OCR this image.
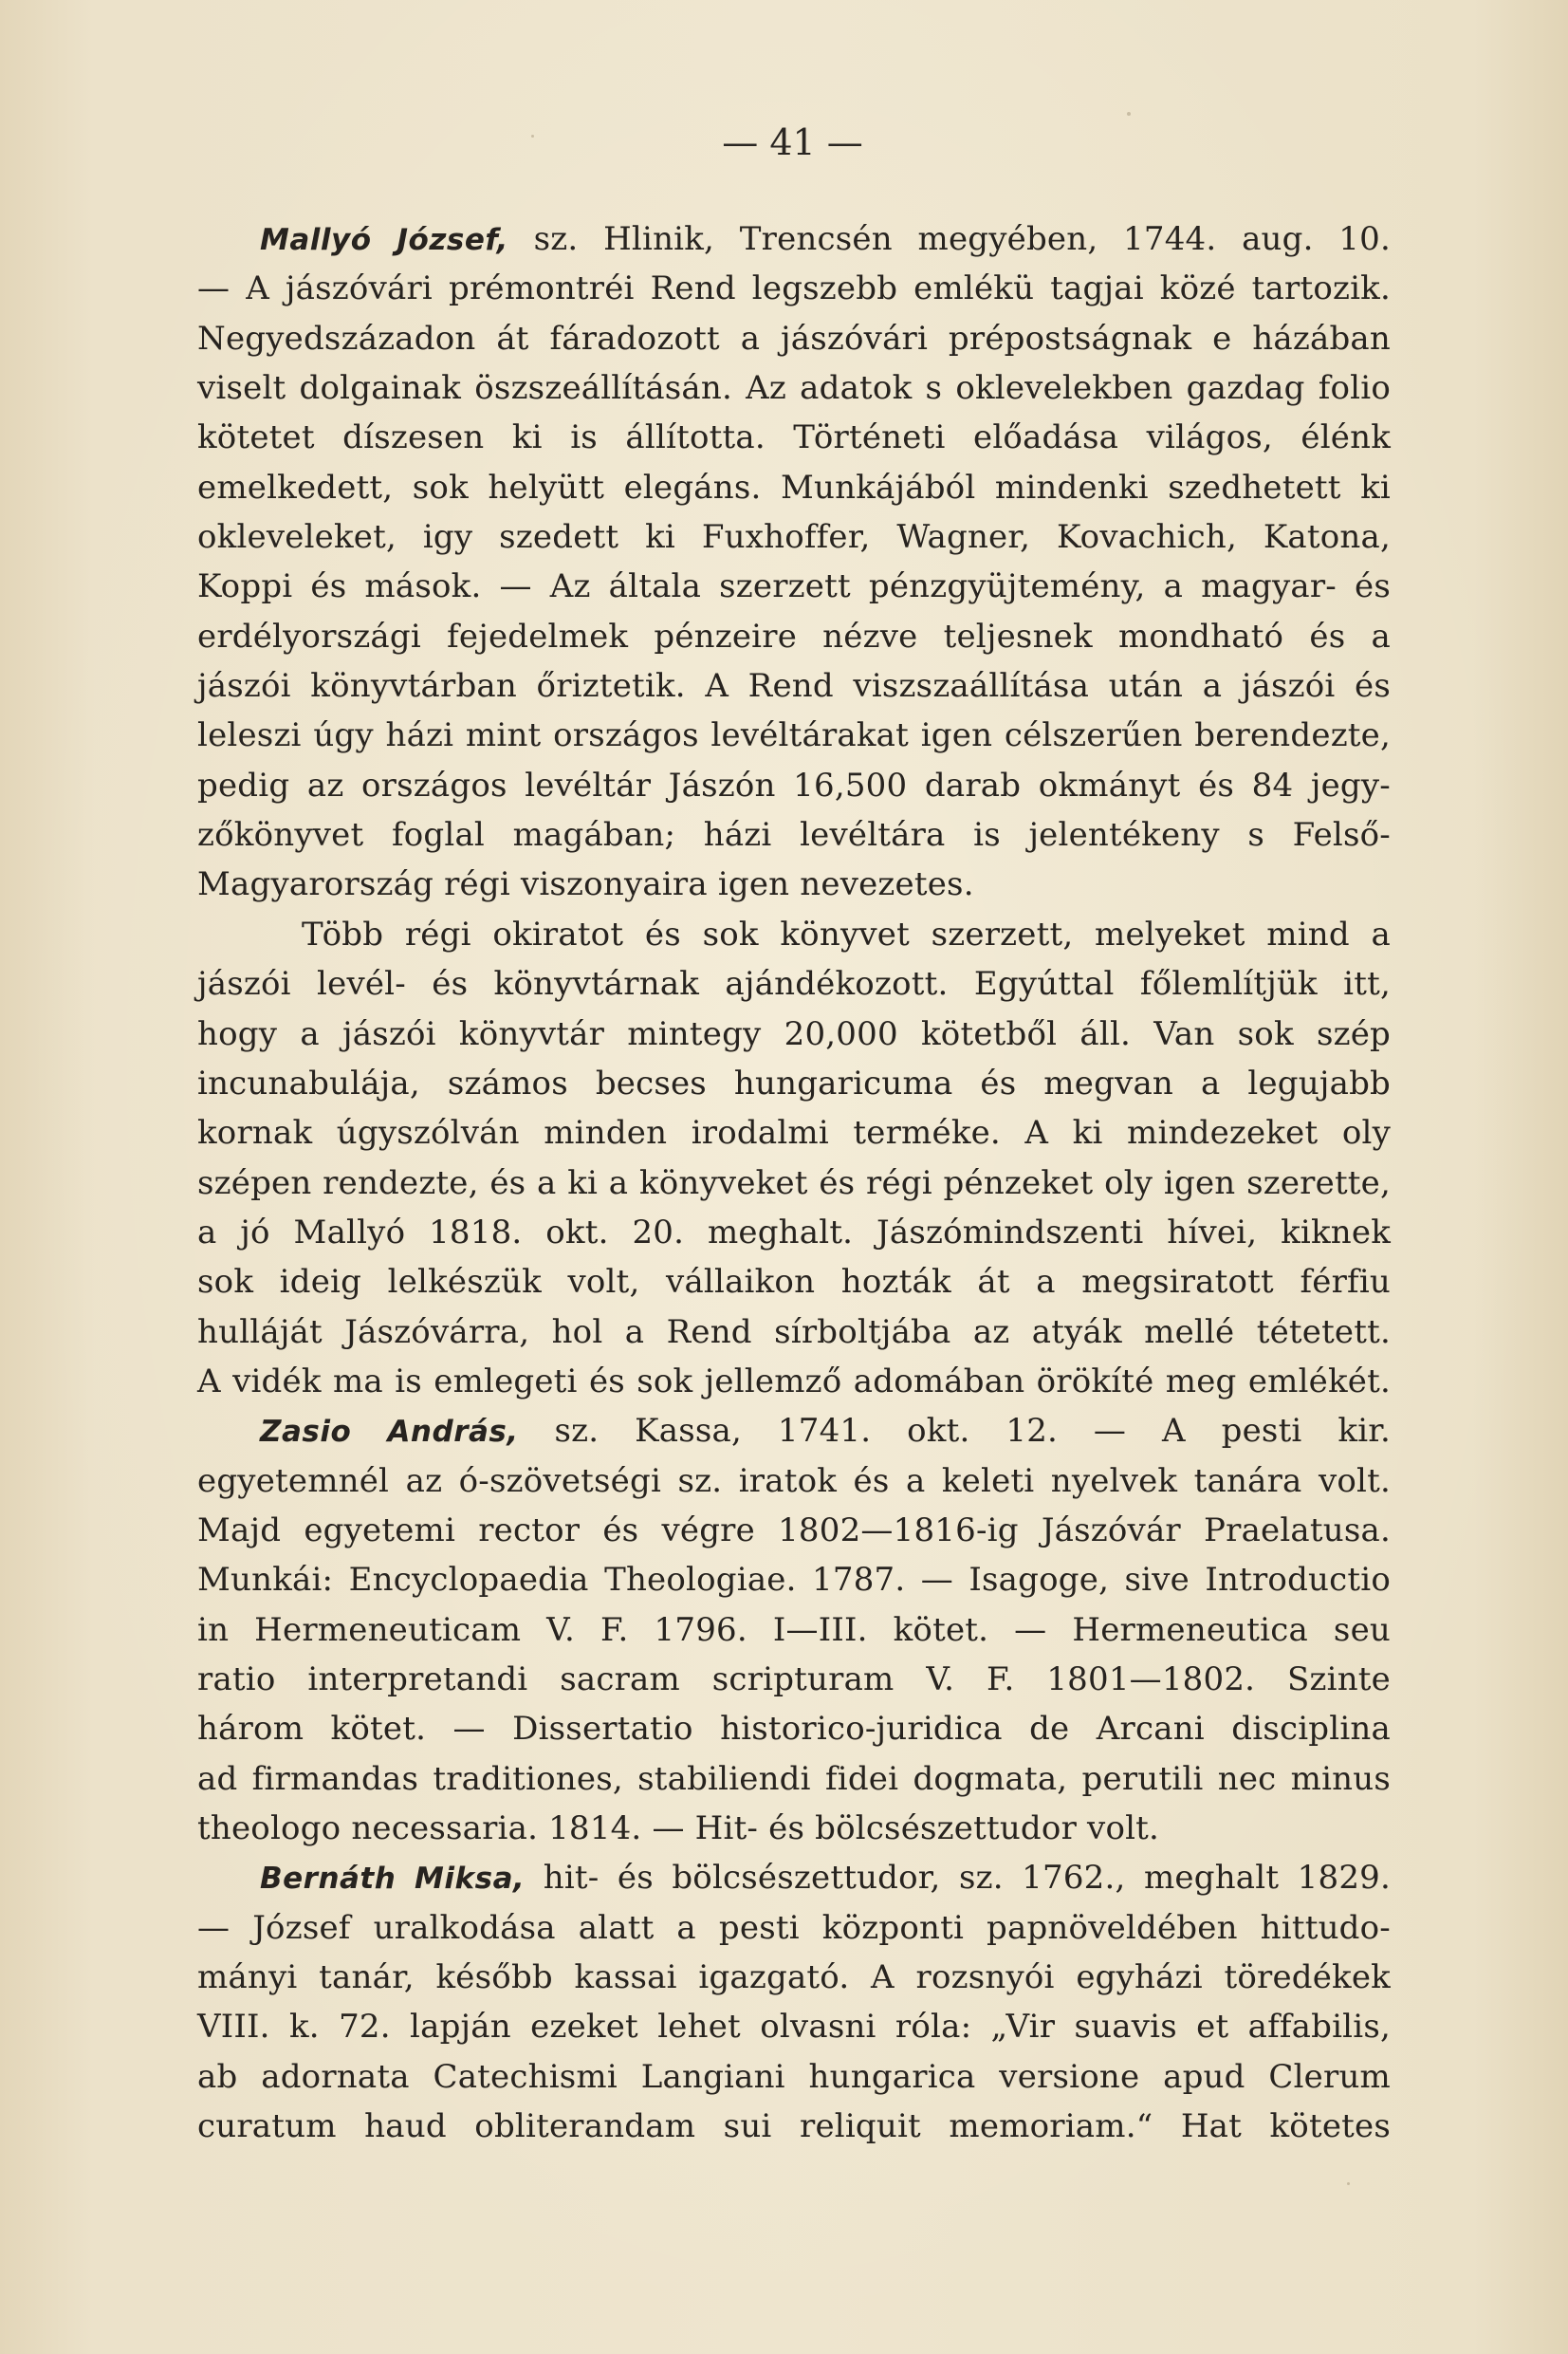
— 41 —
Mallyó József, sz. Hlinik, Trencsén megyében, 1744. aug. 10.
— A jászóvári prémontréi Rend legszebb emlékü tagjai közé tartozik.
Negyedszázadon át fáradozott a jászóvári prépostságnak e házában
viselt dolgainak öszszeállításán. Az adatok s oklevelekben gazdag folio
kötetet díszesen ki is állította. Történeti előadása világos, élénk
emelkedett, sok helyütt elegáns. Munkájából mindenki szedhetett ki
okleveleket, igy szedett ki Fuxhoffer, Wagner, Kovachich, Katona,
Koppi és mások. — Az általa szerzett pénzgyüjtemény, a magyar- és
erdélyországi fejedelmek pénzeire nézve teljesnek mondható és a
jászói könyvtárban őriztetik. A Rend viszszaállítása után a jászói és
leleszi úgy házi mint országos levéltárakat igen célszerűen berendezte,
pedig az országos levéltár Jászón 16,500 darab okmányt és 84 jegy-
zőkönyvet foglal magában; házi levéltára is jelentékeny s Felső-
Magyarország régi viszonyaira igen nevezetes.
Több régi okiratot és sok könyvet szerzett, melyeket mind a
jászói levél- és könyvtárnak ajándékozott. Egyúttal főlemlítjük itt,
hogy a jászói könyvtár mintegy 20,000 kötetből áll. Van sok szép
incunabulája, számos becses hungaricuma és megvan a legujabb
kornak úgyszólván minden irodalmi terméke. A ki mindezeket oly
szépen rendezte, és a ki a könyveket és régi pénzeket oly igen szerette,
a jó Mallyó 1818. okt. 20. meghalt. Jászómindszenti hívei, kiknek
sok ideig lelkészük volt, vállaikon hozták át a megsiratott férfiu
hulláját Jászóvárra, hol a Rend sírboltjába az atyák mellé tétetett.
A vidék ma is emlegeti és sok jellemző adomában örökíté meg emlékét.
Zasio András, sz. Kassa, 1741. okt. 12. — A pesti kir.
egyetemnél az ó-szövetségi sz. iratok és a keleti nyelvek tanára volt.
Majd egyetemi rector és végre 1802—1816-ig Jászóvár Praelatusa.
Munkái: Encyclopaedia Theologiae. 1787. — Isagoge, sive Introductio
in Hermeneuticam V. F. 1796. I—III. kötet. — Hermeneutica seu
ratio interpretandi sacram scripturam V. F. 1801—1802. Szinte
három kötet. — Dissertatio historico-juridica de Arcani disciplina
ad firmandas traditiones, stabiliendi fidei dogmata, perutili nec minus
theologo necessaria. 1814. — Hit- és bölcsészettudor volt.
Bernáth Miksa, hit- és bölcsészettudor, sz. 1762., meghalt 1829.
— József uralkodása alatt a pesti központi papnöveldében hittudo-
mányi tanár, később kassai igazgató. A rozsnyói egyházi töredékek
VIII. k. 72. lapján ezeket lehet olvasni róla: „Vir suavis et affabilis,
ab adornata Catechismi Langiani hungarica versione apud Clerum
curatum haud obliterandam sui reliquit memoriam.“ Hat kötetes
